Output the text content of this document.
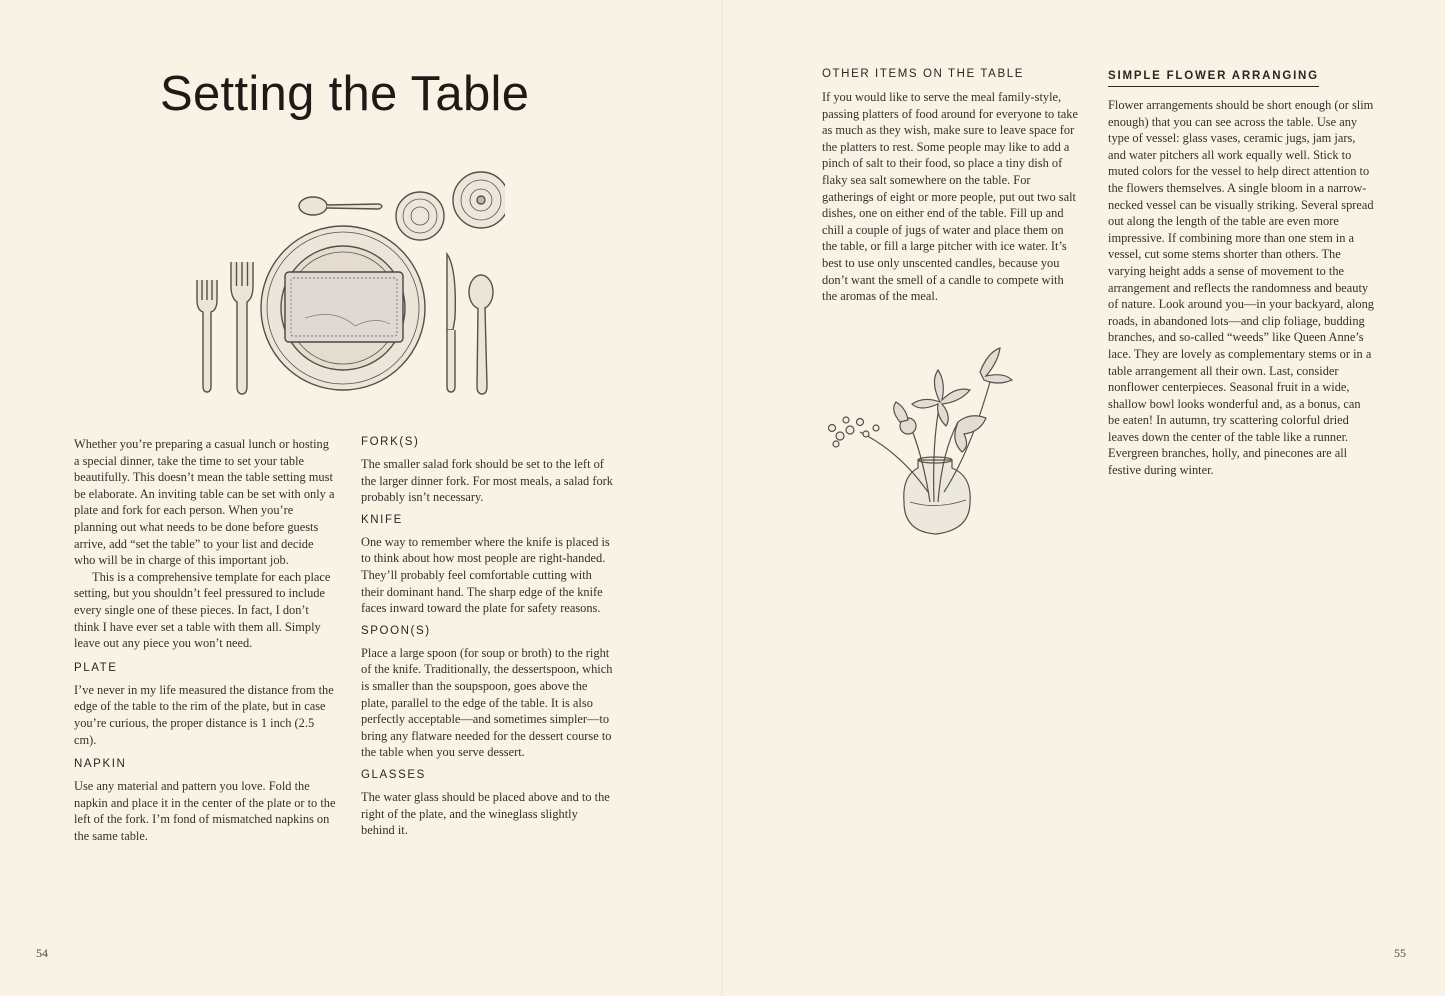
Setting the Table

Whether you’re preparing a casual lunch or hosting a special dinner, take the time to set your table beautifully. This doesn’t mean the table setting must be elaborate. An inviting table can be set with only a plate and fork for each person. When you’re planning out what needs to be done before guests arrive, add “set the table” to your list and decide who will be in charge of this important job.

This is a comprehensive template for each place setting, but you shouldn’t feel pressured to include every single one of these pieces. In fact, I don’t think I have ever set a table with them all. Simply leave out any piece you won’t need.

PLATE

I’ve never in my life measured the distance from the edge of the table to the rim of the plate, but in case you’re curious, the proper distance is 1 inch (2.5 cm).

NAPKIN

Use any material and pattern you love. Fold the napkin and place it in the center of the plate or to the left of the fork. I’m fond of mismatched napkins on the same table.

FORK(S)

The smaller salad fork should be set to the left of the larger dinner fork. For most meals, a salad fork probably isn’t necessary.

KNIFE

One way to remember where the knife is placed is to think about how most people are right-handed. They’ll probably feel comfortable cutting with their dominant hand. The sharp edge of the knife faces inward toward the plate for safety reasons.

SPOON(S)

Place a large spoon (for soup or broth) to the right of the knife. Traditionally, the dessertspoon, which is smaller than the soupspoon, goes above the plate, parallel to the edge of the table. It is also perfectly acceptable—and sometimes simpler—to bring any flatware needed for the dessert course to the table when you serve dessert.

GLASSES

The water glass should be placed above and to the right of the plate, and the wineglass slightly behind it.

54

OTHER ITEMS ON THE TABLE

If you would like to serve the meal family-style, passing platters of food around for everyone to take as much as they wish, make sure to leave space for the platters to rest. Some people may like to add a pinch of salt to their food, so place a tiny dish of flaky sea salt somewhere on the table. For gatherings of eight or more people, put out two salt dishes, one on either end of the table. Fill up and chill a couple of jugs of water and place them on the table, or fill a large pitcher with ice water. It’s best to use only unscented candles, because you don’t want the smell of a candle to compete with the aromas of the meal.

SIMPLE FLOWER ARRANGING

Flower arrangements should be short enough (or slim enough) that you can see across the table. Use any type of vessel: glass vases, ceramic jugs, jam jars, and water pitchers all work equally well. Stick to muted colors for the vessel to help direct attention to the flowers themselves. A single bloom in a narrow-necked vessel can be visually striking. Several spread out along the length of the table are even more impressive. If combining more than one stem in a vessel, cut some stems shorter than others. The varying height adds a sense of movement to the arrangement and reflects the randomness and beauty of nature. Look around you—in your backyard, along roads, in abandoned lots—and clip foliage, budding branches, and so-called “weeds” like Queen Anne’s lace. They are lovely as complementary stems or in a table arrangement all their own. Last, consider nonflower centerpieces. Seasonal fruit in a wide, shallow bowl looks wonderful and, as a bonus, can be eaten! In autumn, try scattering colorful dried leaves down the center of the table like a runner. Evergreen branches, holly, and pinecones are all festive during winter.

55
